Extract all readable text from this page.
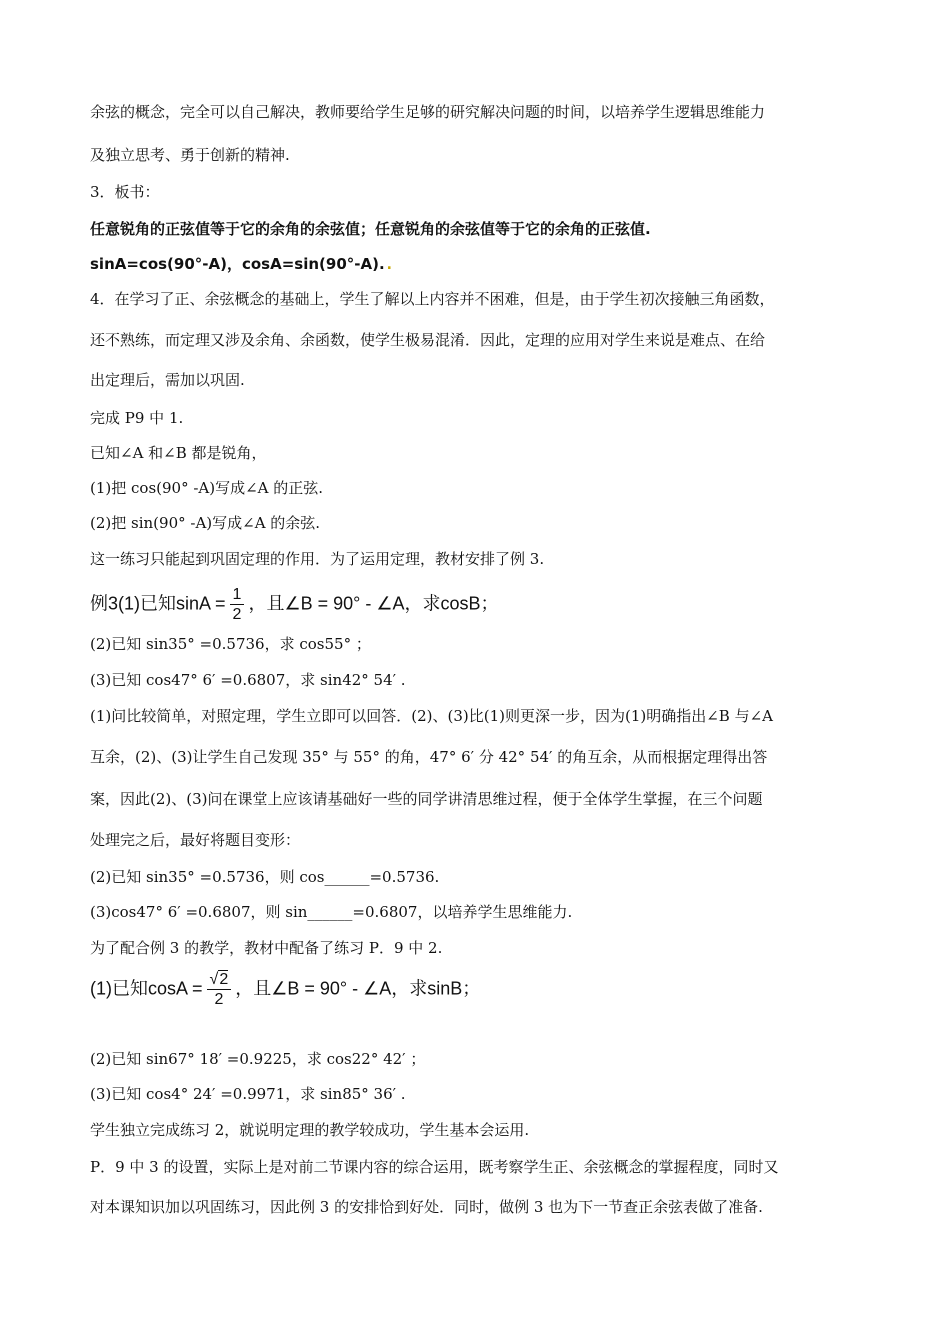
余弦的概念，完全可以自己解决，教师要给学生足够的研究解决问题的时间，以培养学生逻辑思维能力
及独立思考、勇于创新的精神.
3．板书：
任意锐角的正弦值等于它的余角的余弦值；任意锐角的余弦值等于它的余角的正弦值.
sinA=cos(90°-A)，cosA=sin(90°-A). .
4．在学习了正、余弦概念的基础上，学生了解以上内容并不困难，但是，由于学生初次接触三角函数，
还不熟练，而定理又涉及余角、余函数，使学生极易混淆．因此，定理的应用对学生来说是难点、在给
出定理后，需加以巩固.
完成 P9 中 1.
已知∠A 和∠B 都是锐角，
(1)把 cos(90° -A)写成∠A 的正弦.
(2)把 sin(90° -A)写成∠A 的余弦.
这一练习只能起到巩固定理的作用．为了运用定理，教材安排了例 3.
例3(1)已知$\sin A = \frac{1}{2}$ ，且∠B = 90° - ∠A，求cosB；
(2)已知 sin35° =0.5736，求 cos55° ；
(3)已知 cos47° 6′ =0.6807，求 sin42° 54′ .
(1)问比较简单，对照定理，学生立即可以回答．(2)、(3)比(1)则更深一步，因为(1)明确指出∠B 与∠A
互余，(2)、(3)让学生自己发现 35° 与 55° 的角，47° 6′ 分 42° 54′ 的角互余，从而根据定理得出答
案，因此(2)、(3)问在课堂上应该请基础好一些的同学讲清思维过程，便于全体学生掌握，在三个问题
处理完之后，最好将题目变形：
(2)已知 sin35° =0.5736，则 cos______=0.5736.
(3)cos47° 6′ =0.6807，则 sin______=0.6807，以培养学生思维能力.
为了配合例 3 的教学，教材中配备了练习 P．9 中 2.
(1)已知$\cos A = \frac{√2}{2}$ ，且∠B = 90° - ∠A，求sinB；
(2)已知 sin67° 18′ =0.9225，求 cos22° 42′ ；
(3)已知 cos4° 24′ =0.9971，求 sin85° 36′ .
学生独立完成练习 2，就说明定理的教学较成功，学生基本会运用.
P．9 中 3 的设置，实际上是对前二节课内容的综合运用，既考察学生正、余弦概念的掌握程度，同时又
对本课知识加以巩固练习，因此例 3 的安排恰到好处．同时，做例 3 也为下一节查正余弦表做了准备.
